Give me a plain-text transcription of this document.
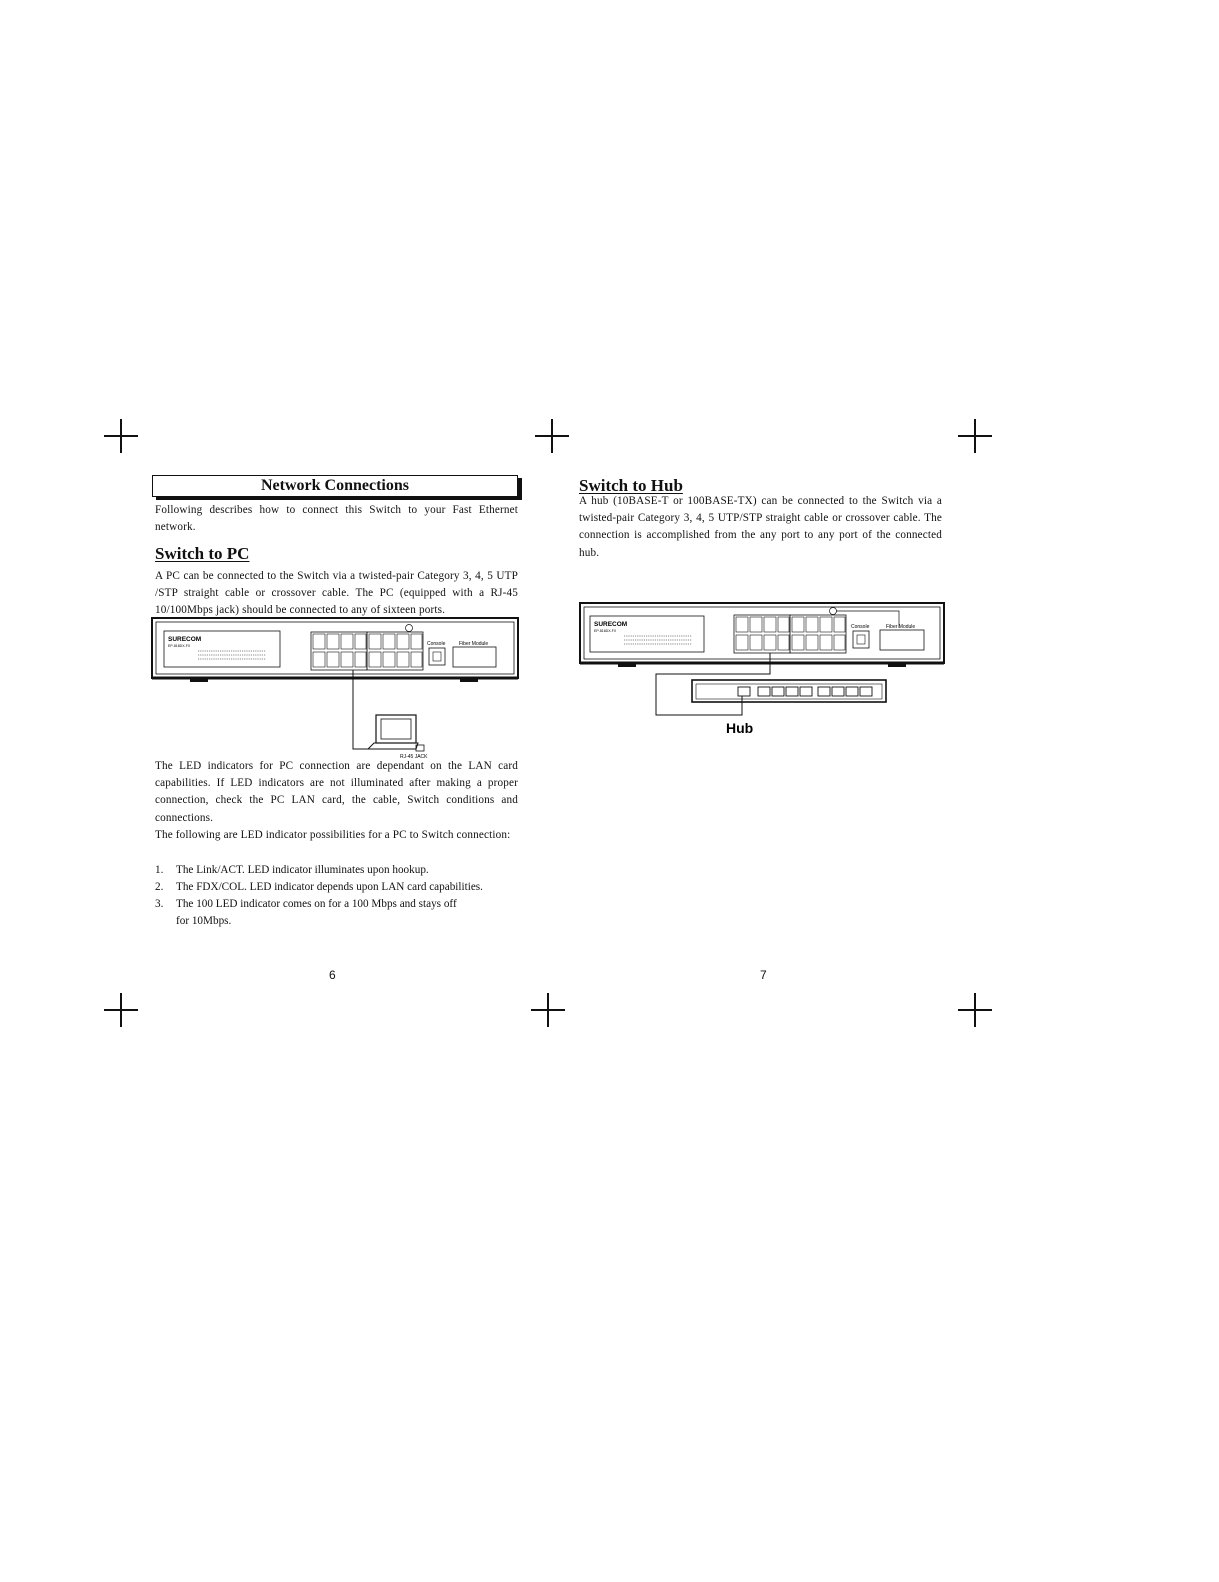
Network Connections
Following describes how to connect this Switch to your Fast Ethernet network.
Switch to PC
A PC can be connected to the Switch via a twisted-pair Category 3, 4, 5 UTP /STP straight cable or crossover cable. The PC (equipped with a RJ-45 10/100Mbps jack) should be connected to any of sixteen ports.
SURECOM
EP-816DX-FX	Console	Fiber Module
RJ-45 JACK
The LED indicators for PC connection are dependant on the LAN card capabilities. If LED indicators are not illuminated after making a proper connection, check the PC LAN card, the cable, Switch conditions and connections.
The following are LED indicator possibilities for a PC to Switch connection:
1. The Link/ACT. LED indicator illuminates upon hookup.
2. The FDX/COL. LED indicator depends upon LAN card capabilities.
3. The 100 LED indicator comes on for a 100 Mbps and stays off
for 10Mbps.
6
Switch to Hub
A hub (10BASE-T or 100BASE-TX) can be connected to the Switch via a twisted-pair Category 3, 4, 5 UTP/STP straight cable or crossover cable. The connection is accomplished from the any port to any port of the connected hub.
SURECOM
EP-816DX-FX
Console	Fiber Module
Hub
7
